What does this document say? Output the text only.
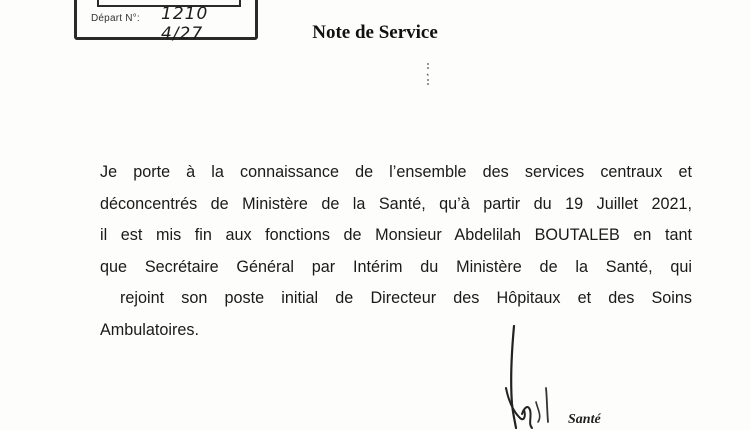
Départ N°: 1210 4/27	Note de Service
Je porte à la connaissance de l’ensemble des services centraux et
déconcentrés de Ministère de la Santé, qu’à partir du 19 Juillet 2021,
il est mis fin aux fonctions de Monsieur Abdelilah BOUTALEB en tant
que Secrétaire Général par Intérim du Ministère de la Santé, qui
rejoint son poste initial de Directeur des Hôpitaux et des Soins
Ambulatoires.
Santé
